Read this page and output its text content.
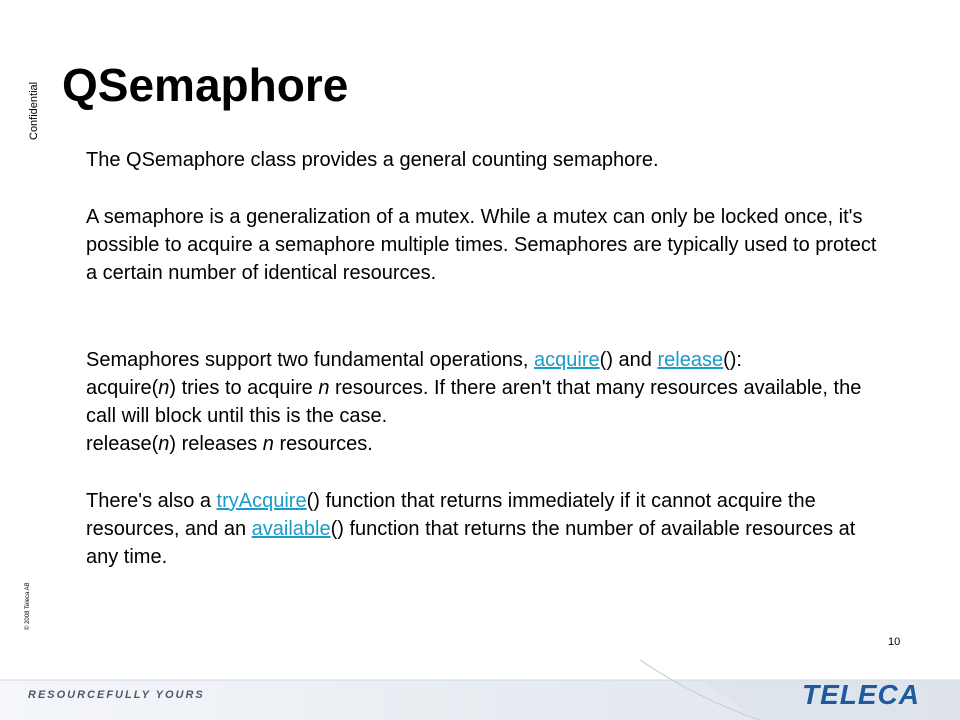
Confidential
© 2008 Teleca AB
QSemaphore

The QSemaphore class provides a general counting semaphore.

A semaphore is a generalization of a mutex. While a mutex can only be locked once, it's possible to acquire a semaphore multiple times. Semaphores are typically used to protect a certain number of identical resources.

Semaphores support two fundamental operations, acquire() and release():
acquire(n) tries to acquire n resources. If there aren't that many resources available, the call will block until this is the case.
release(n) releases n resources.
There's also a tryAcquire() function that returns immediately if it cannot acquire the resources, and an available() function that returns the number of available resources at any time.
10
RESOURCEFULLY YOURS	TELECA
